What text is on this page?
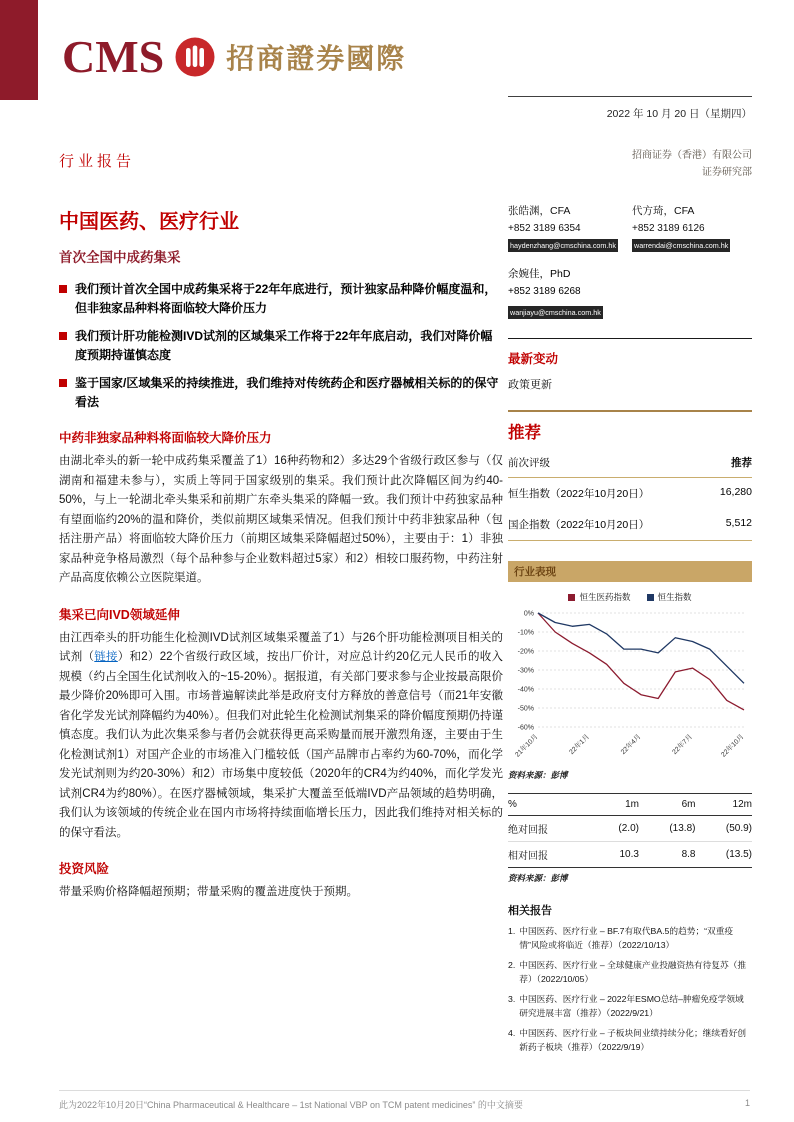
CMS 招商證券國際
行业报告
中国医药、医疗行业
首次全国中成药集采
我们预计首次全国中成药集采将于22年年底进行，预计独家品种降价幅度温和，但非独家品种料将面临较大降价压力
我们预计肝功能检测IVD试剂的区域集采工作将于22年年底启动，我们对降价幅度预期持谨慎态度
鉴于国家/区域集采的持续推进，我们维持对传统药企和医疗器械相关标的的保守看法
中药非独家品种料将面临较大降价压力

由湖北牵头的新一轮中成药集采覆盖了1）16种药物和2）多达29个省级行政区参与（仅湖南和福建未参与），实质上等同于国家级别的集采。我们预计此次降幅区间为约40-50%，与上一轮湖北牵头集采和前期广东牵头集采的降幅一致。我们预计中药独家品种有望面临约20%的温和降价，类似前期区域集采情况。但我们预计中药非独家品种（包括注册产品）将面临较大降价压力（前期区域集采降幅超过50%），主要由于：1）非独家品种竞争格局激烈（每个品种参与企业数料超过5家）和2）相较口服药物，中药注射产品高度依赖公立医院渠道。

集采已向IVD领域延伸

由江西牵头的肝功能生化检测IVD试剂区域集采覆盖了1）与26个肝功能检测项目相关的试剂（链接）和2）22个省级行政区域，按出厂价计，对应总计约20亿元人民币的收入规模（约占全国生化试剂收入的~15-20%）。据报道，有关部门要求参与企业按最高限价最少降价20%即可入围。市场普遍解读此举是政府支付方释放的善意信号（而21年安徽省化学发光试剂降幅约为40%）。但我们对此轮生化检测试剂集采的降价幅度预期仍持谨慎态度。我们认为此次集采参与者仍会就获得更高采购量而展开激烈角逐，主要由于生化检测试剂1）对国产企业的市场准入门槛较低（国产品牌市占率约为60-70%，而化学发光试剂则为约20-30%）和2）市场集中度较低（2020年的CR4为约40%，而化学发光试剂CR4为约80%）。在医疗器械领域，集采扩大覆盖至低端IVD产品领域的趋势明确，我们认为该领域的传统企业在国内市场将持续面临增长压力，因此我们维持对相关标的的保守看法。

投资风险

带量采购价格降幅超预期；带量采购的覆盖进度快于预期。

2022 年 10 月 20 日（星期四）
招商证券（香港）有限公司
证券研究部
张皓渊，CFA	代方琦，CFA
+852 3189 6354	+852 3189 6126
haydenzhang@cmschina.com.hk	warrendai@cmschina.com.hk
余婉佳，PhD
+852 3189 6268
wanjiayu@cmschina.com.hk
最新变动
政策更新
推荐
前次评级	推荐
恒生指数（2022年10月20日）	16,280
国企指数（2022年10月20日）	5,512
行业表现
恒生医药指数	恒生指数
0%
-10%
-20%
-30%
-40%
-50%
-60%
21年10月	22年1月	22年4月	22年7月	22年10月
资料来源：彭博
%	1m	6m	12m
绝对回报	(2.0)	(13.8)	(50.9)
相对回报	10.3	8.8	(13.5)
资料来源：彭博
相关报告
1. 中国医药、医疗行业 – BF.7有取代BA.5的趋势；“双重疫情”风险或将临近（推荐）（2022/10/13）
2. 中国医药、医疗行业 – 全球健康产业投融资热有待复苏（推荐）（2022/10/05）
3. 中国医药、医疗行业 – 2022年ESMO总结–肿瘤免疫学领域研究进展丰富（推荐）（2022/9/21）
4. 中国医药、医疗行业 – 子板块间业绩持续分化；继续看好创新药子板块（推荐）（2022/9/19）
此为2022年10月20日“China Pharmaceutical & Healthcare – 1st National VBP on TCM patent medicines” 的中文摘要	1
